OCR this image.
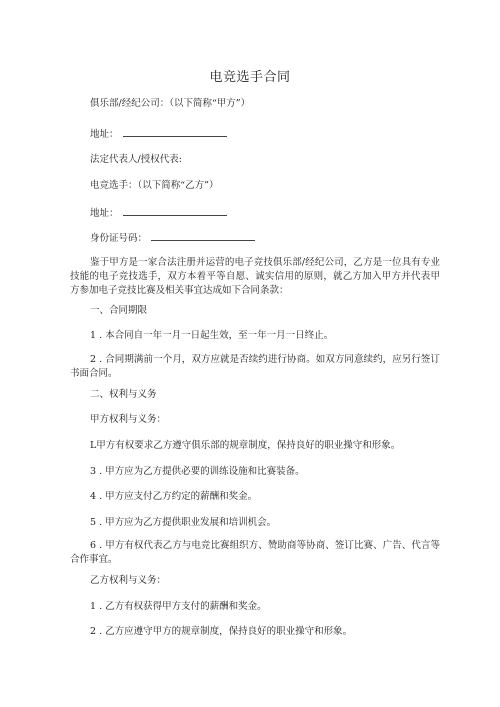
电竞选手合同
俱乐部/经纪公司：（以下简称“甲方”）
地址：
法定代表人/授权代表:
电竞选手：（以下简称“乙方”）
地址：
身份证号码：
鉴于甲方是一家合法注册并运营的电子竞技俱乐部/经纪公司，乙方是一位具有专业技能的电子竞技选手，双方本着平等自愿、诚实信用的原则，就乙方加入甲方并代表甲方参加电子竞技比赛及相关事宜达成如下合同条款：
一、合同期限
1 . 本合同自一年一月一日起生效，至一年一月一日终止。
2 . 合同期满前一个月，双方应就是否续约进行协商。如双方同意续约，应另行签订书面合同。
二、权利与义务
甲方权利与义务：
L甲方有权要求乙方遵守俱乐部的规章制度，保持良好的职业操守和形象。
3 . 甲方应为乙方提供必要的训练设施和比赛装备。
4 . 甲方应支付乙方约定的薪酬和奖金。
5 . 甲方应为乙方提供职业发展和培训机会。
6 . 甲方有权代表乙方与电竞比赛组织方、赞助商等协商、签订比赛、广告、代言等合作事宜。
乙方权利与义务：
1 . 乙方有权获得甲方支付的薪酬和奖金。
2 . 乙方应遵守甲方的规章制度，保持良好的职业操守和形象。
